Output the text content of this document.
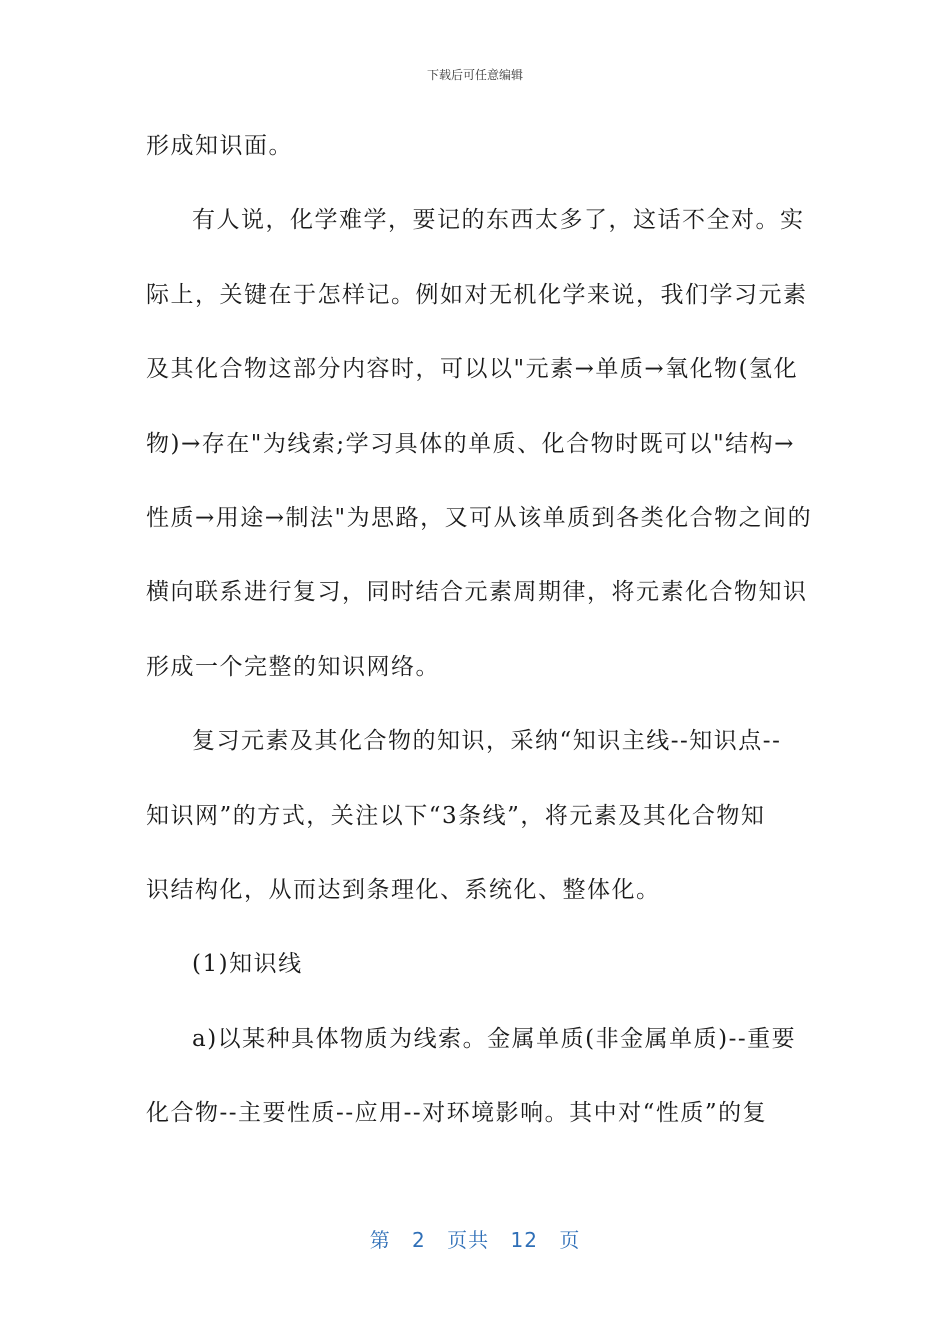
下载后可任意编辑
形成知识面。
有人说，化学难学，要记的东西太多了，这话不全对。实
际上，关键在于怎样记。例如对无机化学来说，我们学习元素
及其化合物这部分内容时，可以以"元素→单质→氧化物(氢化
物)→存在"为线索;学习具体的单质、化合物时既可以"结构→
性质→用途→制法"为思路，又可从该单质到各类化合物之间的
横向联系进行复习，同时结合元素周期律，将元素化合物知识
形成一个完整的知识网络。
复习元素及其化合物的知识，采纳“知识主线--知识点--
知识网”的方式，关注以下“3条线”，将元素及其化合物知
识结构化，从而达到条理化、系统化、整体化。
(1)知识线
a)以某种具体物质为线索。金属单质(非金属单质)--重要
化合物--主要性质--应用--对环境影响。其中对“性质”的复
第 2 页共 12 页
